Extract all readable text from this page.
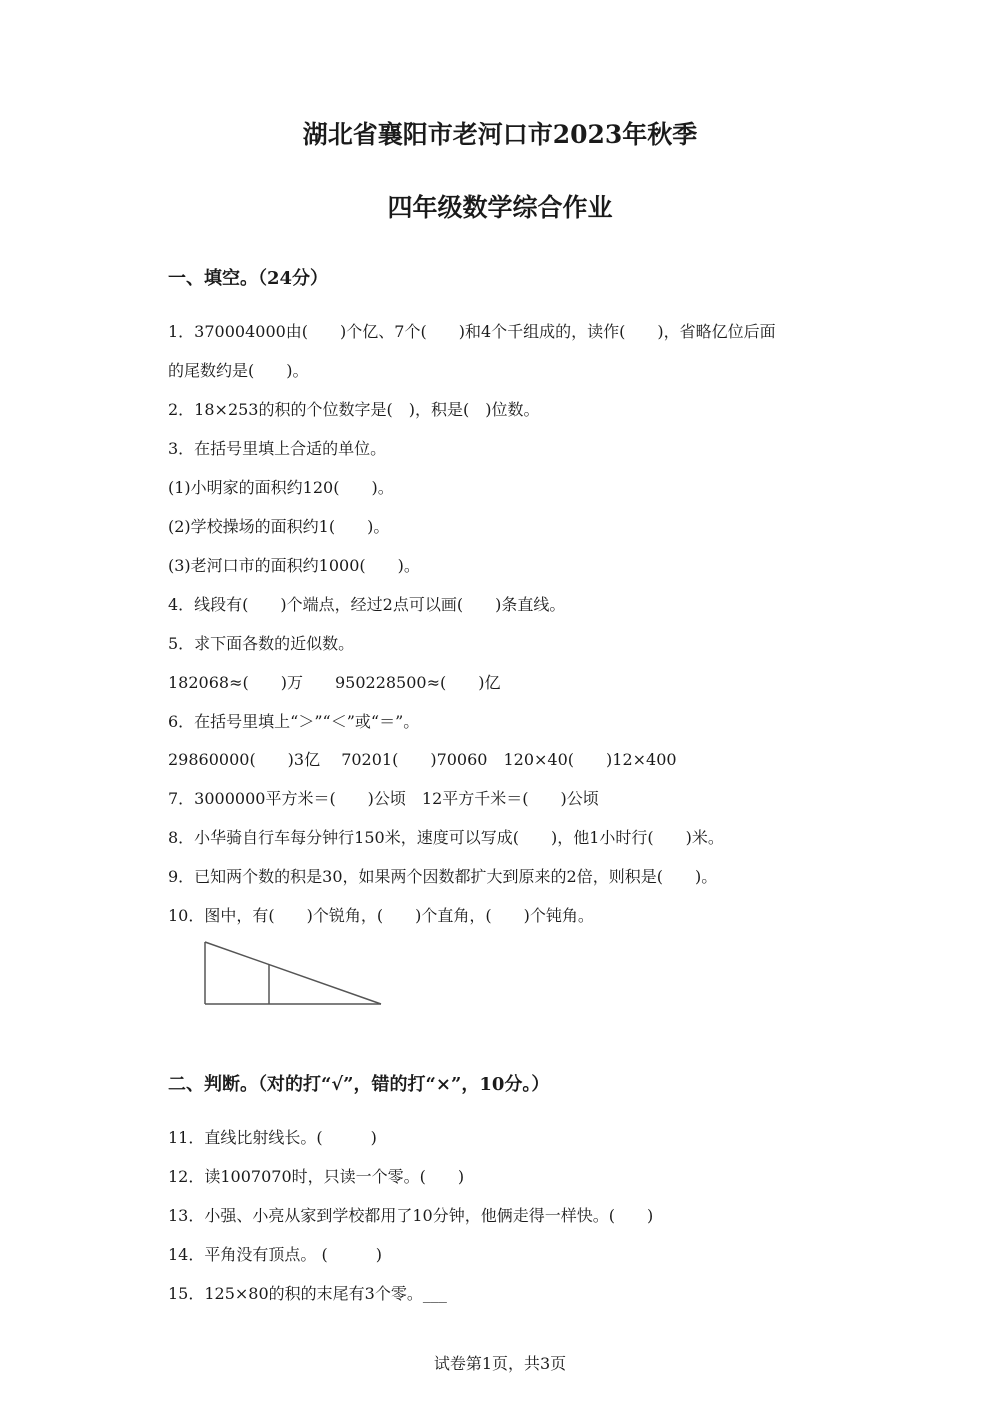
湖北省襄阳市老河口市2023年秋季
四年级数学综合作业
一、填空。（24分）
1．370004000由(　　)个亿、7个(　　)和4个千组成的，读作(　　)，省略亿位后面
的尾数约是(　　)。
2．18×253的积的个位数字是(　)，积是(　)位数。
3．在括号里填上合适的单位。
(1)小明家的面积约120(　　)。
(2)学校操场的面积约1(　　)。
(3)老河口市的面积约1000(　　)。
4．线段有(　　)个端点，经过2点可以画(　　)条直线。
5．求下面各数的近似数。
182068≈(　　)万　　950228500≈(　　)亿
6．在括号里填上“＞”“＜”或“＝”。
29860000(　　)3亿　 70201(　　)70060　120×40(　　)12×400
7．3000000平方米＝(　　)公顷　12平方千米＝(　　)公顷
8．小华骑自行车每分钟行150米，速度可以写成(　　)，他1小时行(　　)米。
9．已知两个数的积是30，如果两个因数都扩大到原来的2倍，则积是(　　)。
10．图中，有(　　)个锐角，(　　)个直角，(　　)个钝角。
二、判断。（对的打“√”，错的打“×”，10分。）
11．直线比射线长。(　　　)
12．读1007070时，只读一个零。(　　)
13．小强、小亮从家到学校都用了10分钟，他俩走得一样快。(　　)
14．平角没有顶点。 (　　　)
15．125×80的积的末尾有3个零。___
试卷第1页，共3页
